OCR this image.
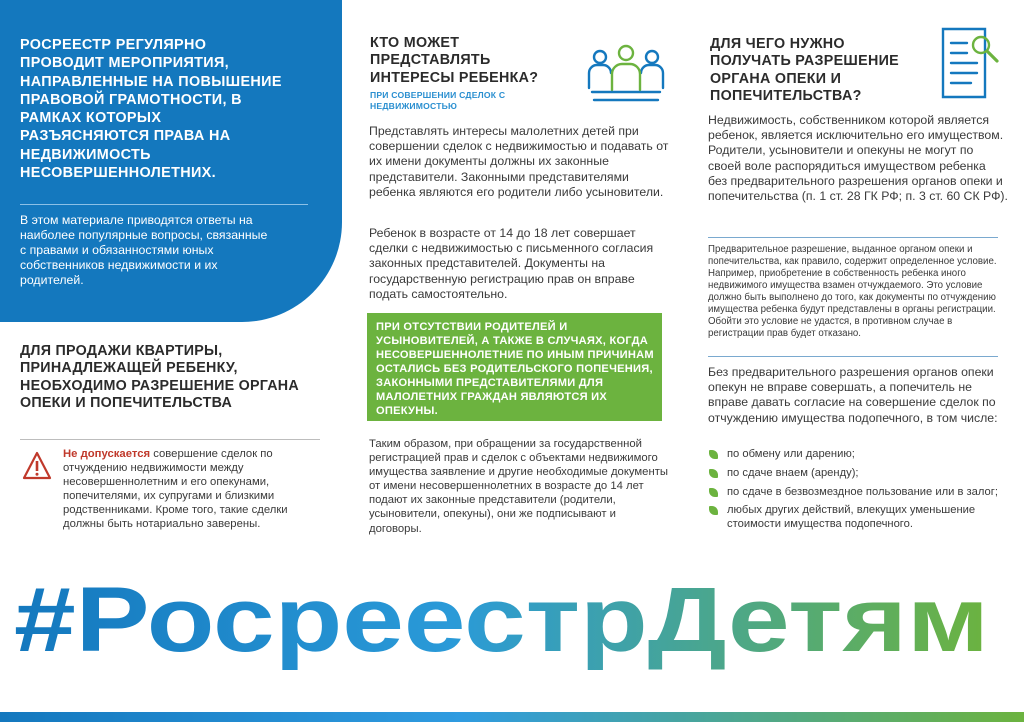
РОСРЕЕСТР РЕГУЛЯРНО ПРОВОДИТ МЕРОПРИЯТИЯ, НАПРАВЛЕННЫЕ НА ПОВЫШЕНИЕ ПРАВОВОЙ ГРАМОТНОСТИ, В РАМКАХ КОТОРЫХ РАЗЪЯСНЯЮТСЯ ПРАВА НА НЕДВИЖИМОСТЬ НЕСОВЕРШЕННОЛЕТНИХ.

В этом материале приводятся ответы на наиболее популярные вопросы, связанные с правами и обязанностями юных собственников недвижимости и их родителей.

ДЛЯ ПРОДАЖИ КВАРТИРЫ, ПРИНАДЛЕЖАЩЕЙ РЕБЕНКУ, НЕОБХОДИМО РАЗРЕШЕНИЕ ОРГАНА ОПЕКИ И ПОПЕЧИТЕЛЬСТВА

Не допускается совершение сделок по отчуждению недвижимости между несовершеннолетним и его опекунами, попечителями, их супругами и близкими родственниками. Кроме того, такие сделки должны быть нотариально заверены.

КТО МОЖЕТ ПРЕДСТАВЛЯТЬ ИНТЕРЕСЫ РЕБЕНКА?
ПРИ СОВЕРШЕНИИ СДЕЛОК С НЕДВИЖИМОСТЬЮ

Представлять интересы малолетних детей при совершении сделок с недвижимостью и подавать от их имени документы должны их законные представители. Законными представителями ребенка являются его родители либо усыновители.

Ребенок в возрасте от 14 до 18 лет совершает сделки с недвижимостью с письменного согласия законных представителей. Документы на государственную регистрацию прав он вправе подать самостоятельно.

ПРИ ОТСУТСТВИИ РОДИТЕЛЕЙ И УСЫНОВИТЕЛЕЙ, А ТАКЖЕ В СЛУЧАЯХ, КОГДА НЕСОВЕРШЕННОЛЕТНИЕ ПО ИНЫМ ПРИЧИНАМ ОСТАЛИСЬ БЕЗ РОДИТЕЛЬСКОГО ПОПЕЧЕНИЯ, ЗАКОННЫМИ ПРЕДСТАВИТЕЛЯМИ ДЛЯ МАЛОЛЕТНИХ ГРАЖДАН ЯВЛЯЮТСЯ ИХ ОПЕКУНЫ.

Таким образом, при обращении за государственной регистрацией прав и сделок с объектами недвижимого имущества заявление и другие необходимые документы от имени несовершеннолетних в возрасте до 14 лет подают их законные представители (родители, усыновители, опекуны), они же подписывают и договоры.

ДЛЯ ЧЕГО НУЖНО ПОЛУЧАТЬ РАЗРЕШЕНИЕ ОРГАНА ОПЕКИ И ПОПЕЧИТЕЛЬСТВА?

Недвижимость, собственником которой является ребенок, является исключительно его имуществом. Родители, усыновители и опекуны не могут по своей воле распорядиться имуществом ребенка без предварительного разрешения органов опеки и попечительства (п. 1 ст. 28 ГК РФ; п. 3 ст. 60 СК РФ).

Предварительное разрешение, выданное органом опеки и попечительства, как правило, содержит определенное условие. Например, приобретение в собственность ребенка иного недвижимого имущества взамен отчуждаемого. Это условие должно быть выполнено до того, как документы по отчуждению имущества ребенка будут представлены в органы регистрации. Обойти это условие не удастся, в противном случае в регистрации прав будет отказано.

Без предварительного разрешения органов опеки опекун не вправе совершать, а попечитель не вправе давать согласие на совершение сделок по отчуждению имущества подопечного, в том числе:

по обмену или дарению;
по сдаче внаем (аренду);
по сдаче в безвозмездное пользование или в залог;
любых других действий, влекущих уменьшение стоимости имущества подопечного.
#РосреестрДетям
